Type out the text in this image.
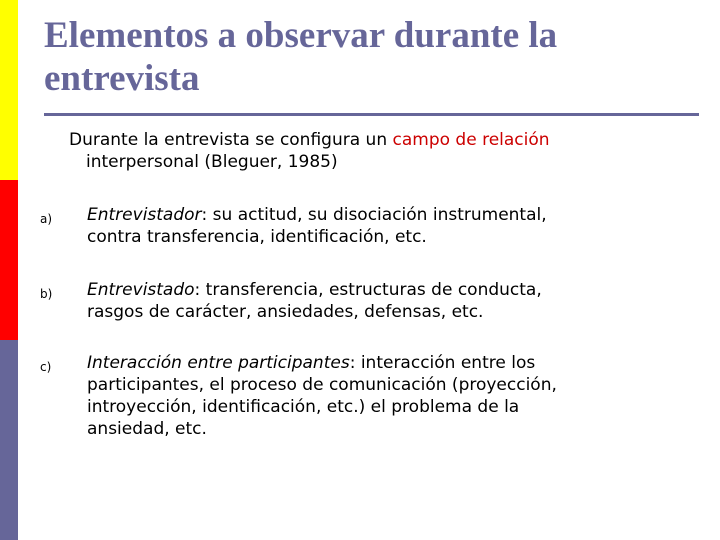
Elementos a observar durante la
entrevista
Durante la entrevista se configura un campo de relación
interpersonal (Bleguer, 1985)
a) Entrevistador: su actitud, su disociación instrumental,
contra transferencia, identificación, etc.
b) Entrevistado: transferencia, estructuras de conducta,
rasgos de carácter, ansiedades, defensas, etc.
c) Interacción entre participantes: interacción entre los
participantes, el proceso de comunicación (proyección,
introyección, identificación, etc.) el problema de la
ansiedad, etc.
